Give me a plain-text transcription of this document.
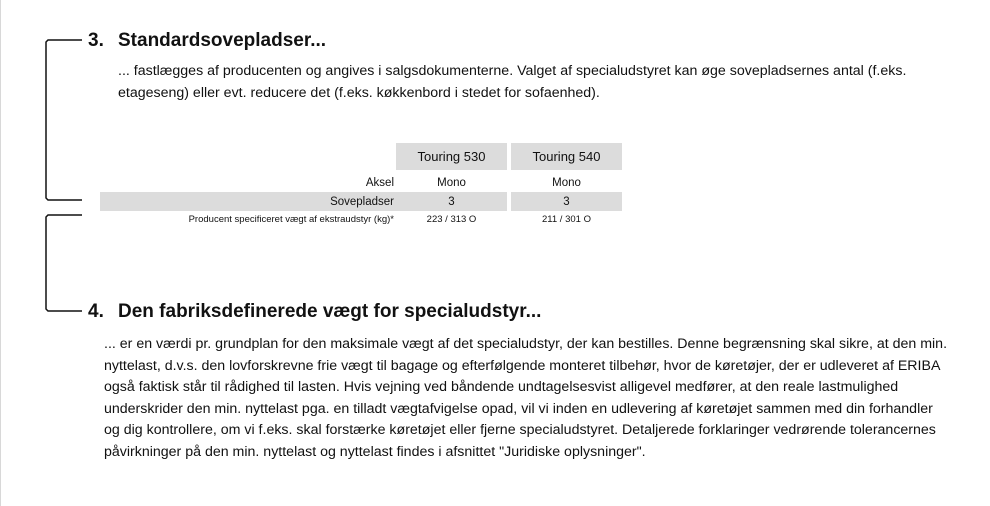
3. Standardsovepladser...
... fastlægges af producenten og angives i salgsdokumenterne. Valget af specialudstyret kan øge sovepladsernes antal (f.eks. etageseng) eller evt. reducere det (f.eks. køkkenbord i stedet for sofaenhed).
	Touring 530		Touring 540

Aksel	Mono		Mono
Sovepladser	3		3
Producent specificeret vægt af ekstraudstyr (kg)*	223 / 313 O		211 / 301 O
4. Den fabriksdefinerede vægt for specialudstyr...
... er en værdi pr. grundplan for den maksimale vægt af det specialudstyr, der kan bestilles. Denne begrænsning skal sikre, at den min. nyttelast, d.v.s. den lovforskrevne frie vægt til bagage og efterfølgende monteret tilbehør, hvor de køretøjer, der er udleveret af ERIBA også faktisk står til rådighed til lasten. Hvis vejning ved båndende undtagelsesvist alligevel medfører, at den reale lastmulighed underskrider den min. nyttelast pga. en tilladt vægtafvigelse opad, vil vi inden en udlevering af køretøjet sammen med din forhandler og dig kontrollere, om vi f.eks. skal forstærke køretøjet eller fjerne specialudstyret. Detaljerede forklaringer vedrørende tolerancernes påvirkninger på den min. nyttelast og nyttelast findes i afsnittet "Juridiske oplysninger".
